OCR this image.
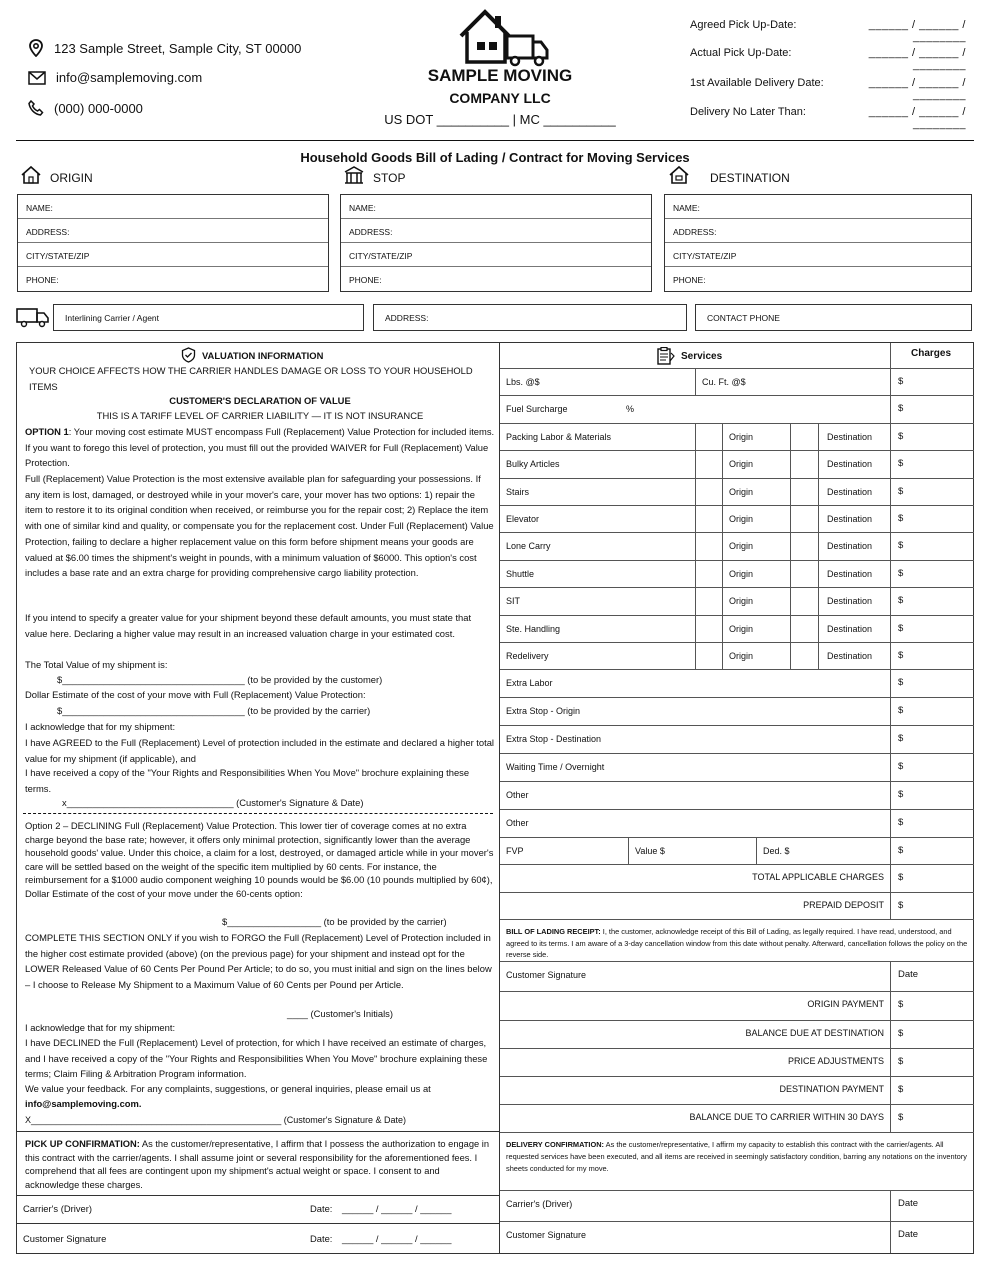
123 Sample Street, Sample City, ST 00000
info@samplemoving.com
(000) 000-0000
SAMPLE MOVING
COMPANY LLC
US DOT __________ | MC __________
Agreed Pick Up-Date:	______ / ______ / ________
Actual Pick Up-Date:	______ / ______ / ________
1st Available Delivery Date:	______ / ______ / ________
Delivery No Later Than:	______ / ______ / ________
Household Goods Bill of Lading / Contract for Moving Services
ORIGIN	STOP	DESTINATION
NAME:
ADDRESS:
CITY/STATE/ZIP
PHONE:
NAME:
ADDRESS:
CITY/STATE/ZIP
PHONE:
NAME:
ADDRESS:
CITY/STATE/ZIP
PHONE:
Interlining Carrier / Agent	ADDRESS:	CONTACT PHONE
VALUATION INFORMATION
YOUR CHOICE AFFECTS HOW THE CARRIER HANDLES DAMAGE OR LOSS TO YOUR HOUSEHOLD ITEMS
CUSTOMER'S DECLARATION OF VALUE
THIS IS A TARIFF LEVEL OF CARRIER LIABILITY — IT IS NOT INSURANCE
OPTION 1: Your moving cost estimate MUST encompass Full (Replacement) Value Protection for included items. If you want to forego this level of protection, you must fill out the provided WAIVER for Full (Replacement) Value Protection.
Full (Replacement) Value Protection is the most extensive available plan for safeguarding your possessions. If any item is lost, damaged, or destroyed while in your mover's care, your mover has two options: 1) repair the item to restore it to its original condition when received, or reimburse you for the repair cost; 2) Replace the item with one of similar kind and quality, or compensate you for the replacement cost. Under Full (Replacement) Value Protection, failing to declare a higher replacement value on this form before shipment means your goods are valued at $6.00 times the shipment's weight in pounds, with a minimum valuation of $6000. This option's cost includes a base rate and an extra charge for providing comprehensive cargo liability protection.
If you intend to specify a greater value for your shipment beyond these default amounts, you must state that value here. Declaring a higher value may result in an increased valuation charge in your estimated cost.
The Total Value of my shipment is:
$___________________________________ (to be provided by the customer)
Dollar Estimate of the cost of your move with Full (Replacement) Value Protection:
$___________________________________ (to be provided by the carrier)
I acknowledge that for my shipment:
I have AGREED to the Full (Replacement) Level of protection included in the estimate and declared a higher total value for my shipment (if applicable), and
I have received a copy of the "Your Rights and Responsibilities When You Move" brochure explaining these terms.
x________________________________ (Customer's Signature & Date)
Option 2 – DECLINING Full (Replacement) Value Protection. This lower tier of coverage comes at no extra charge beyond the base rate; however, it offers only minimal protection, significantly lower than the average household goods' value. Under this choice, a claim for a lost, destroyed, or damaged article while in your mover's care will be settled based on the weight of the specific item multiplied by 60 cents. For instance, the reimbursement for a $1000 audio component weighing 10 pounds would be $6.00 (10 pounds multiplied by 60¢), Dollar Estimate of the cost of your move under the 60-cents option:
$__________________ (to be provided by the carrier)
COMPLETE THIS SECTION ONLY if you wish to FORGO the Full (Replacement) Level of Protection included in the higher cost estimate provided (above) (on the previous page) for your shipment and instead opt for the LOWER Released Value of 60 Cents Per Pound Per Article; to do so, you must initial and sign on the lines below – I choose to Release My Shipment to a Maximum Value of 60 Cents per Pound per Article.
____ (Customer's Initials)
I acknowledge that for my shipment:
I have DECLINED the Full (Replacement) Level of protection, for which I have received an estimate of charges, and I have received a copy of the "Your Rights and Responsibilities When You Move" brochure explaining these terms; Claim Filing & Arbitration Program information.
We value your feedback. For any complaints, suggestions, or general inquiries, please email us at
info@samplemoving.com.
X__________________________________________________ (Customer's Signature & Date)
PICK UP CONFIRMATION: As the customer/representative, I affirm that I possess the authorization to engage in this contract with the carrier/agents. I shall assume joint or several responsibility for the aforementioned fees. I comprehend that all fees are contingent upon my shipment's actual weight or space. I consent to and acknowledge these charges.
Carrier's (Driver)	Date: ______ / ______ / ______
Customer Signature	Date: ______ / ______ / ______
Services	Charges
Lbs. @$	Cu. Ft. @$	$
Fuel Surcharge	%	$
Packing Labor & Materials	Origin	Destination	$
Bulky Articles	Origin	Destination	$
Stairs	Origin	Destination	$
Elevator	Origin	Destination	$
Lone Carry	Origin	Destination	$
Shuttle	Origin	Destination	$
SIT	Origin	Destination	$
Ste. Handling	Origin	Destination	$
Redelivery	Origin	Destination	$
Extra Labor	$
Extra Stop - Origin	$
Extra Stop - Destination	$
Waiting Time / Overnight	$
Other	$
Other	$
FVP	Value $	Ded. $	$
TOTAL APPLICABLE CHARGES	$
PREPAID DEPOSIT	$
BILL OF LADING RECEIPT: I, the customer, acknowledge receipt of this Bill of Lading, as legally required. I have read, understood, and agreed to its terms. I am aware of a 3-day cancellation window from this date without penalty. Afterward, cancellation follows the policy on the reverse side.
Customer Signature	Date
ORIGIN PAYMENT	$
BALANCE DUE AT DESTINATION	$
PRICE ADJUSTMENTS	$
DESTINATION PAYMENT	$
BALANCE DUE TO CARRIER WITHIN 30 DAYS	$
DELIVERY CONFIRMATION: As the customer/representative, I affirm my capacity to establish this contract with the carrier/agents. All requested services have been executed, and all items are received in seemingly satisfactory condition, barring any notations on the inventory sheets conducted for my move.
Carrier's (Driver)	Date
Customer Signature	Date
